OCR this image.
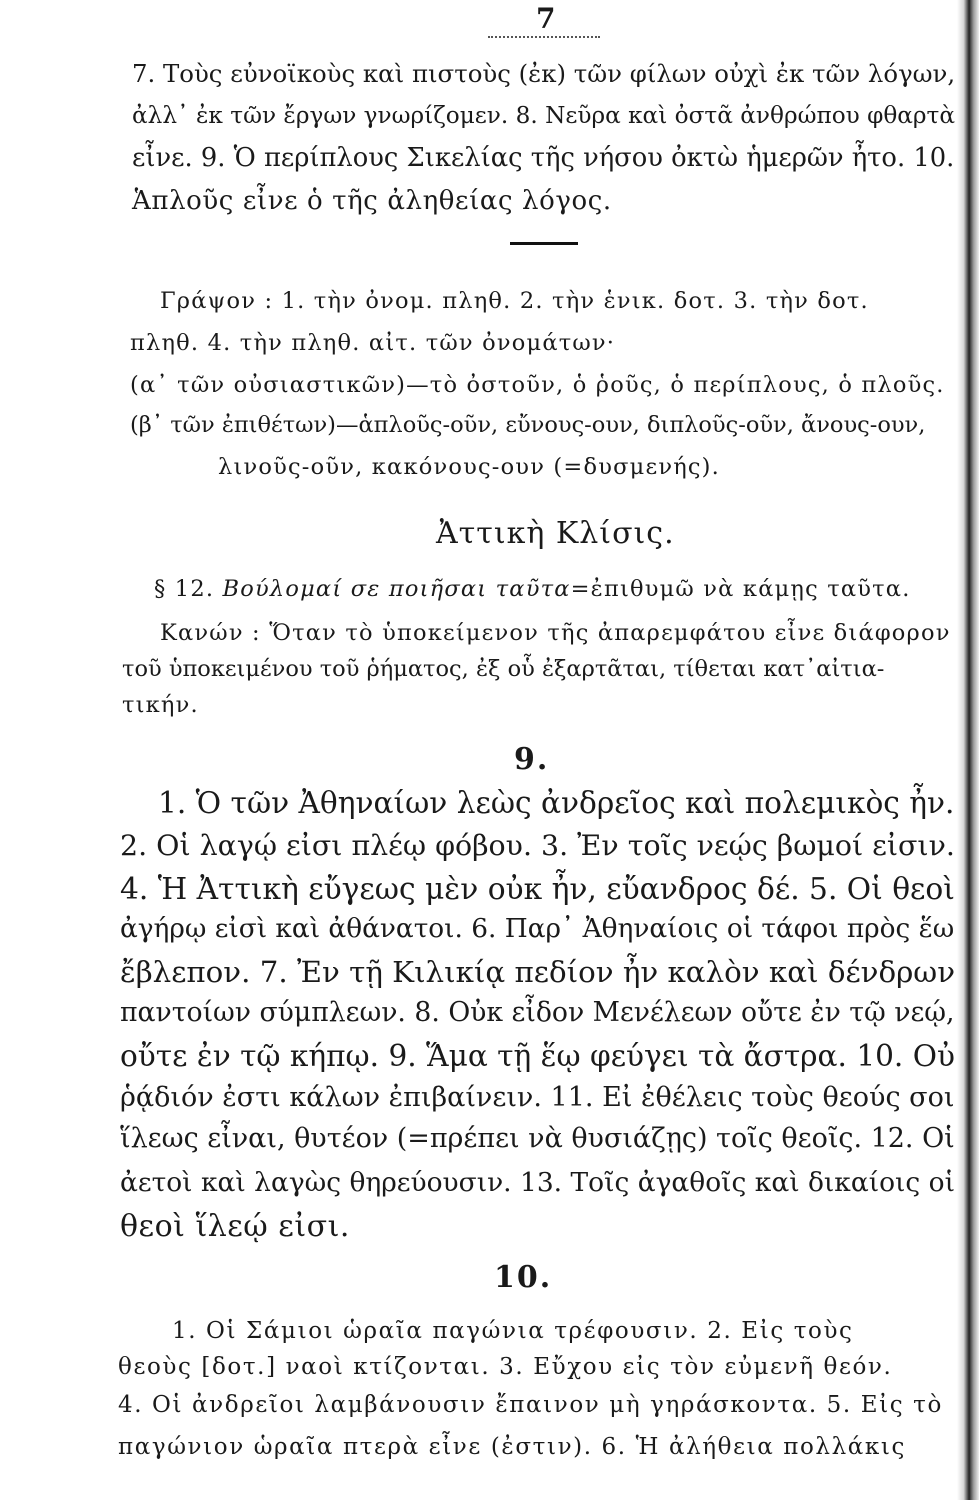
7
7. Τοὺς εὐνοϊκοὺς καὶ πιστοὺς (ἐκ) τῶν φίλων οὐχὶ ἐκ τῶν λόγων,
ἀλλ᾽ ἐκ τῶν ἔργων γνωρίζομεν. 8. Νεῦρα καὶ ὀστᾶ ἀνθρώπου φθαρτὰ
εἶνε. 9. Ὁ περίπλους Σικελίας τῆς νήσου ὀκτὼ ἡμερῶν ἦτο. 10.
Ἁπλοῦς εἶνε ὁ τῆς ἀληθείας λόγος.
Γράψον : 1. τὴν ὀνομ. πληθ. 2. τὴν ἑνικ. δοτ. 3. τὴν δοτ.
πληθ. 4. τὴν πληθ. αἰτ. τῶν ὀνομάτων·
(α᾽ τῶν οὐσιαστικῶν)—τὸ ὀστοῦν, ὁ ῥοῦς, ὁ περίπλους, ὁ πλοῦς.
(β᾽ τῶν ἐπιθέτων)—ἁπλοῦς-οῦν, εὔνους-ουν, διπλοῦς-οῦν, ἄνους-ουν,
λινοῦς-οῦν, κακόνους-ουν (=δυσμενής).
Ἀττικὴ Κλίσις.
§ 12. Βούλομαί σε ποιῆσαι ταῦτα=ἐπιθυμῶ νὰ κάμῃς ταῦτα.
Κανών : Ὅταν τὸ ὑποκείμενον τῆς ἀπαρεμφάτου εἶνε διάφορον
τοῦ ὑποκειμένου τοῦ ῥήματος, ἐξ οὗ ἐξαρτᾶται, τίθεται κατ᾽αἰτια-
τικήν.
9.
1. Ὁ τῶν Ἀθηναίων λεὼς ἀνδρεῖος καὶ πολεμικὸς ἦν.
2. Οἱ λαγῴ εἰσι πλέῳ φόβου. 3. Ἐν τοῖς νεῴς βωμοί εἰσιν.
4. Ἡ Ἀττικὴ εὔγεως μὲν οὐκ ἦν, εὔανδρος δέ. 5. Οἱ θεοὶ
ἀγήρῳ εἰσὶ καὶ ἀθάνατοι. 6. Παρ᾽ Ἀθηναίοις οἱ τάφοι πρὸς ἕω
ἔβλεπον. 7. Ἐν τῇ Κιλικίᾳ πεδίον ἦν καλὸν καὶ δένδρων
παντοίων σύμπλεων. 8. Οὐκ εἶδον Μενέλεων οὔτε ἐν τῷ νεῴ,
οὔτε ἐν τῷ κήπῳ. 9. Ἅμα τῇ ἕῳ φεύγει τὰ ἄστρα. 10. Οὐ
ῥᾴδιόν ἐστι κάλων ἐπιβαίνειν. 11. Εἰ ἐθέλεις τοὺς θεούς σοι
ἵλεως εἶναι, θυτέον (=πρέπει νὰ θυσιάζῃς) τοῖς θεοῖς. 12. Οἱ
ἀετοὶ καὶ λαγὼς θηρεύουσιν. 13. Τοῖς ἀγαθοῖς καὶ δικαίοις οἱ
θεοὶ ἵλεῴ εἰσι.
10.
1. Οἱ Σάμιοι ὡραῖα παγώνια τρέφουσιν. 2. Εἰς τοὺς
θεοὺς [δοτ.] ναοὶ κτίζονται. 3. Εὔχου εἰς τὸν εὐμενῆ θεόν.
4. Οἱ ἀνδρεῖοι λαμβάνουσιν ἔπαινον μὴ γηράσκοντα. 5. Εἰς τὸ
παγώνιον ὡραῖα πτερὰ εἶνε (ἐστιν). 6. Ἡ ἀλήθεια πολλάκις
